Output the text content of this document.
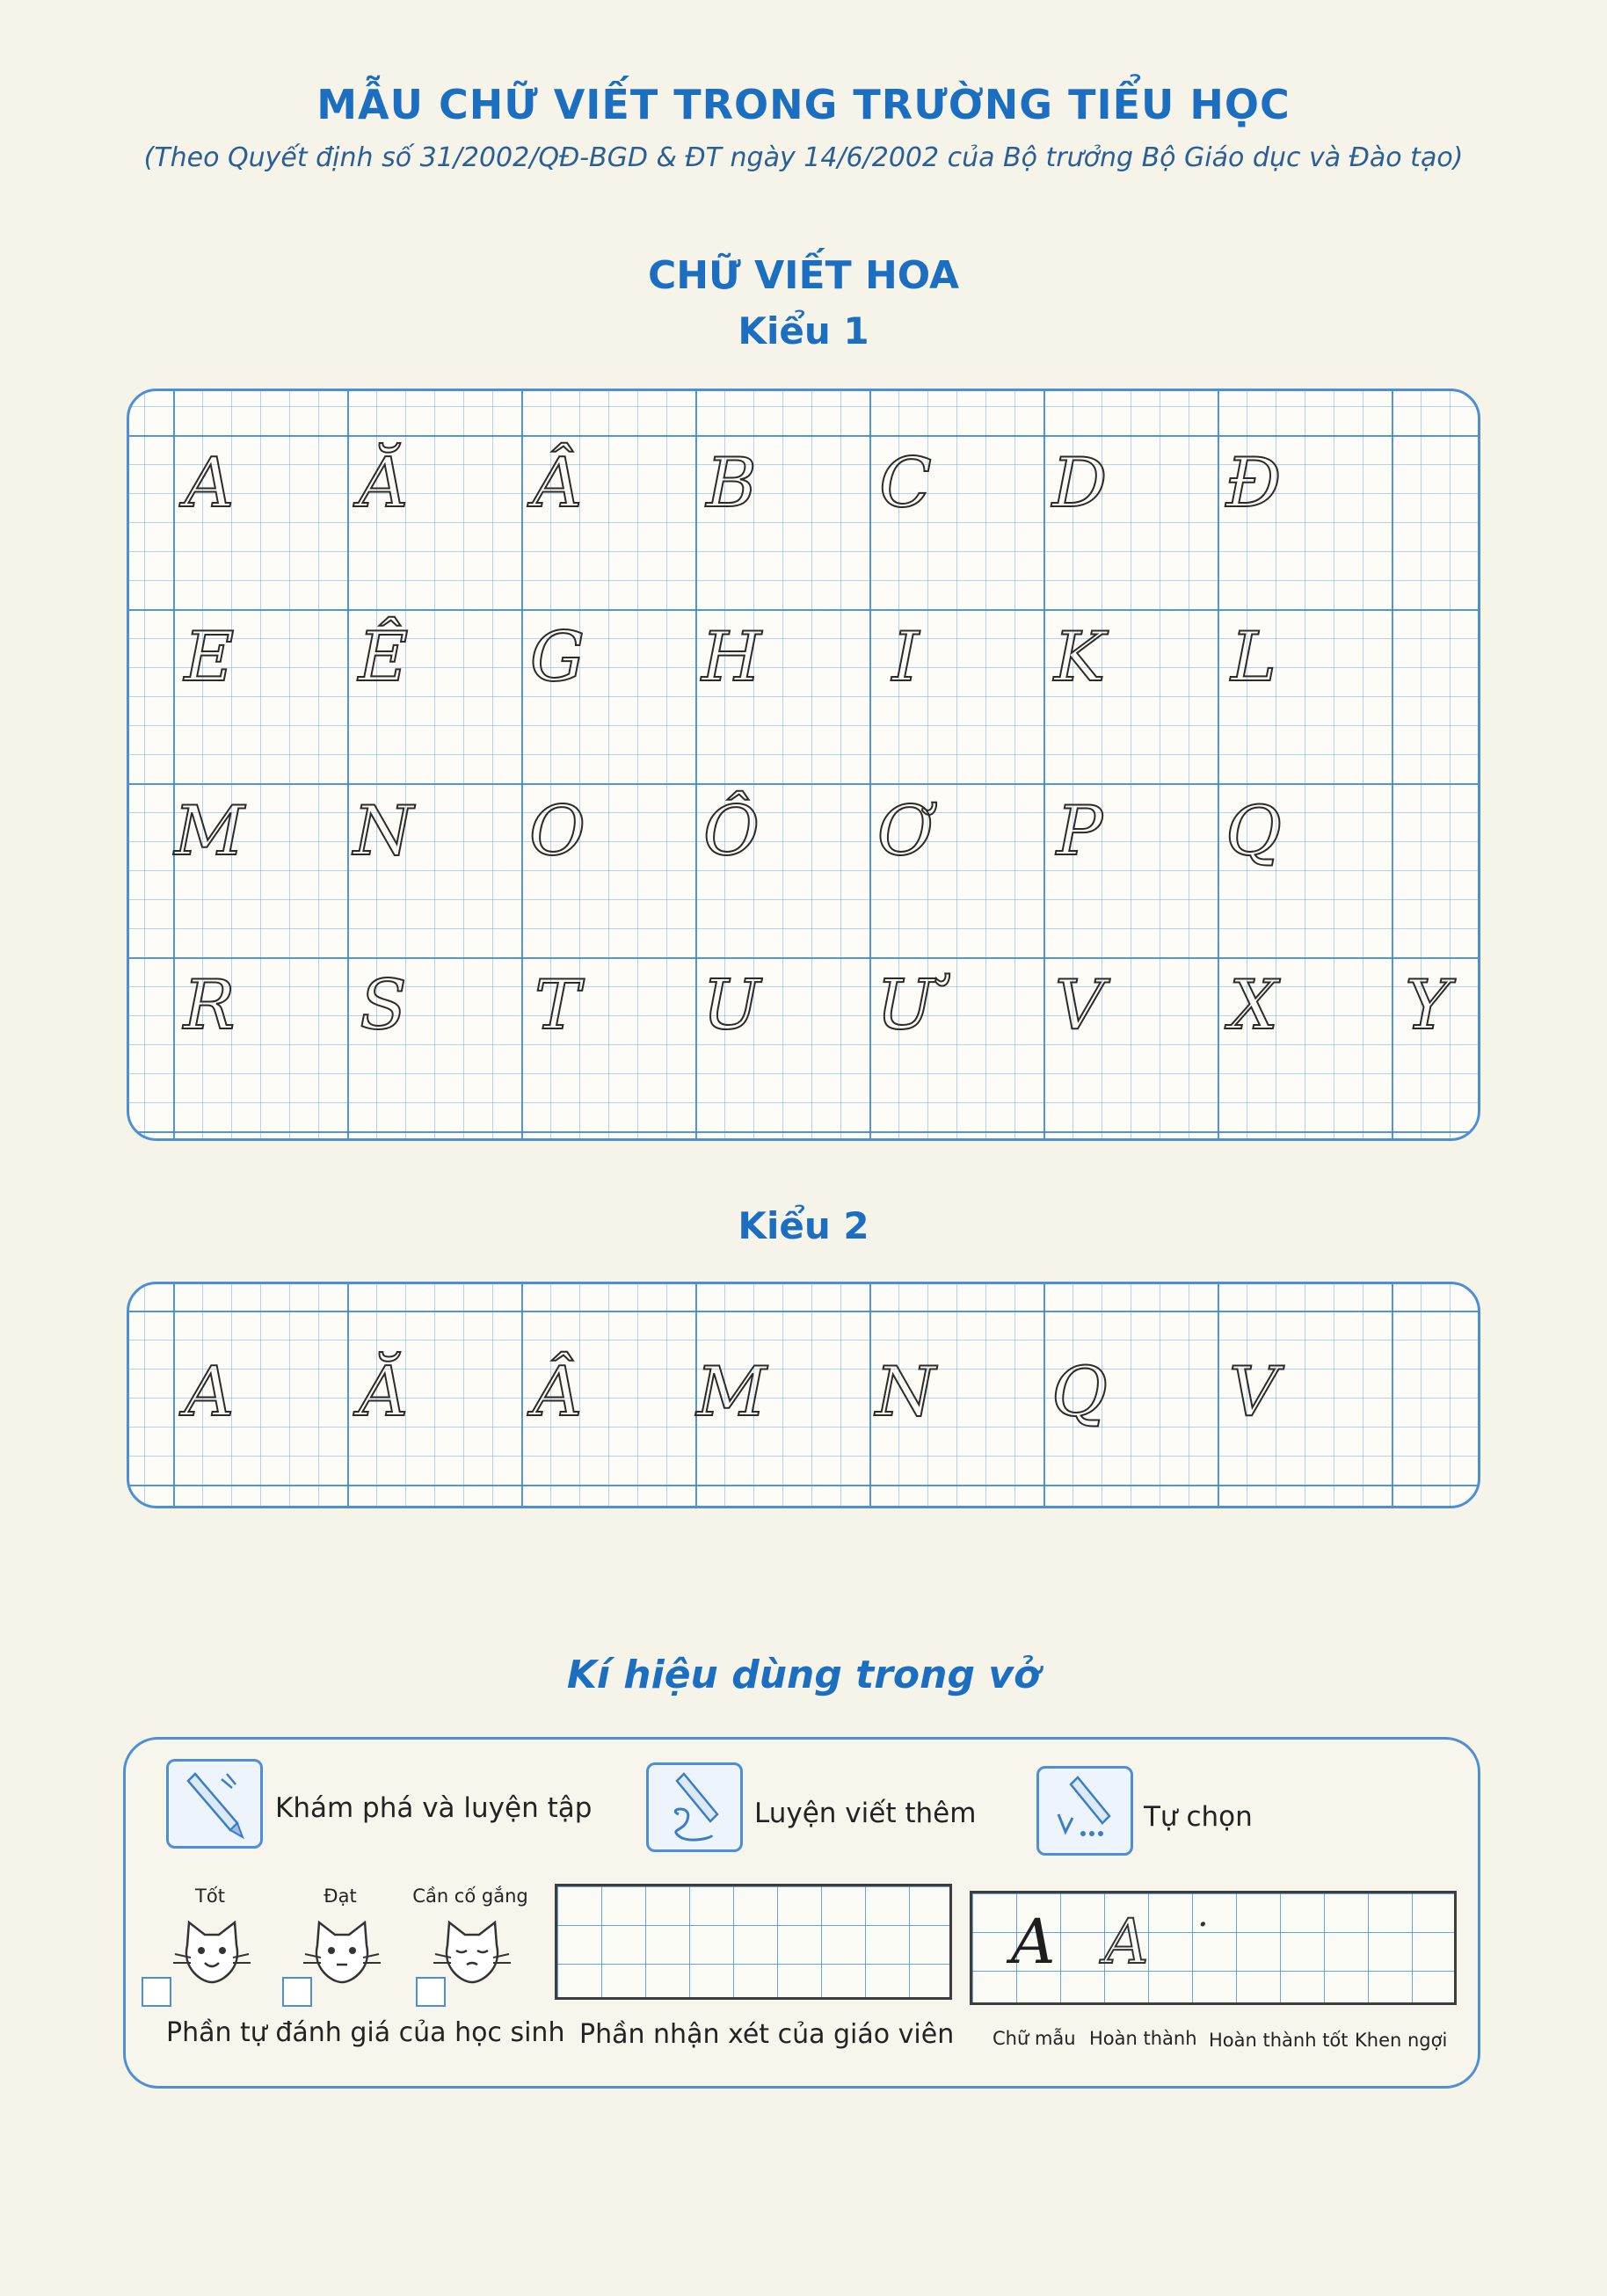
MẪU CHỮ VIẾT TRONG TRƯỜNG TIỂU HỌC
(Theo Quyết định số 31/2002/QĐ-BGD & ĐT ngày 14/6/2002 của Bộ trưởng Bộ Giáo dục và Đào tạo)
CHỮ VIẾT HOA
Kiểu 1
A	Ă	Â	B	C	D	Đ
E	Ê	G	H	I	K	L
M	N	O	Ô	Ơ	P	Q
R	S	T	U	Ư	V	X	Y
Kiểu 2
A	Ă	Â	M	N	Q	V
Kí hiệu dùng trong vở
Khám phá và luyện tập	Luyện viết thêm	Tự chọn
Tốt	Đạt	Cần cố gắng
Phần tự đánh giá của học sinh Phần nhận xét của giáo viên
A A ·
Chữ mẫu Hoàn thành Hoàn thành tốt Khen ngợi
